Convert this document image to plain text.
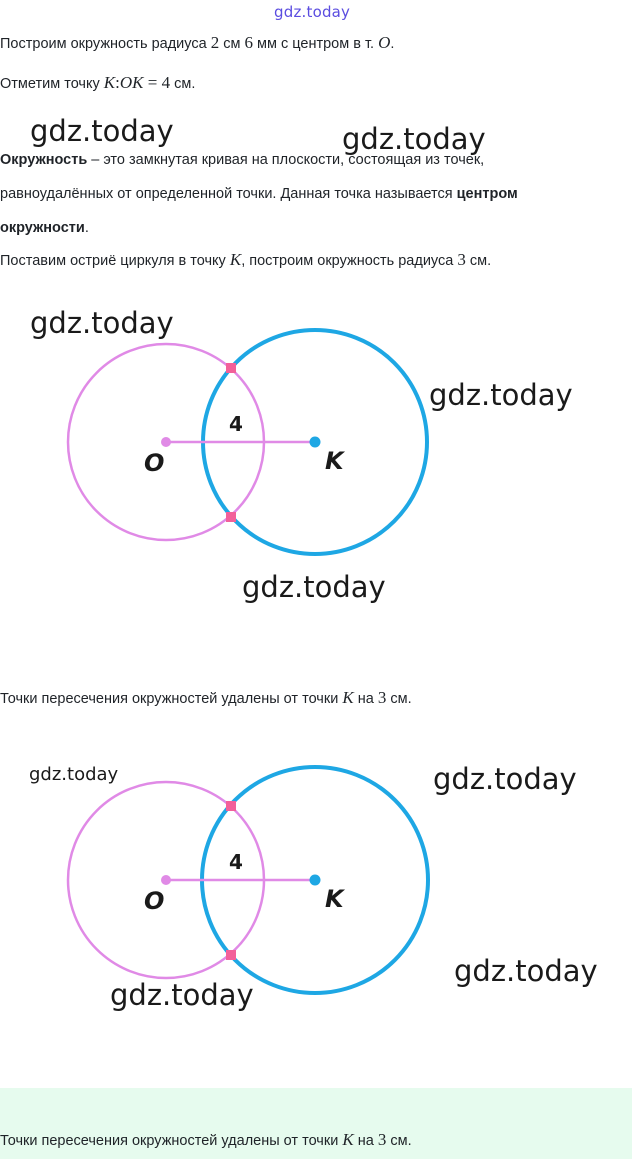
gdz.today
Построим окружность радиуса 2 см 6 мм с центром в т. O.
Отметим точку K:OK = 4 см.
Окружность – это замкнутая кривая на плоскости, состоящая из точек,
равноудалённых от определенной точки. Данная точка называется центром
окружности.
Поставим остриё циркуля в точку K, построим окружность радиуса 3 см.
4
O	K
Точки пересечения окружностей удалены от точки K на 3 см.
4
O	K
Точки пересечения окружностей удалены от точки K на 3 см.
gdz.today	gdz.today
gdz.today
gdz.today
gdz.today
gdz.today	gdz.today
gdz.today
gdz.today
